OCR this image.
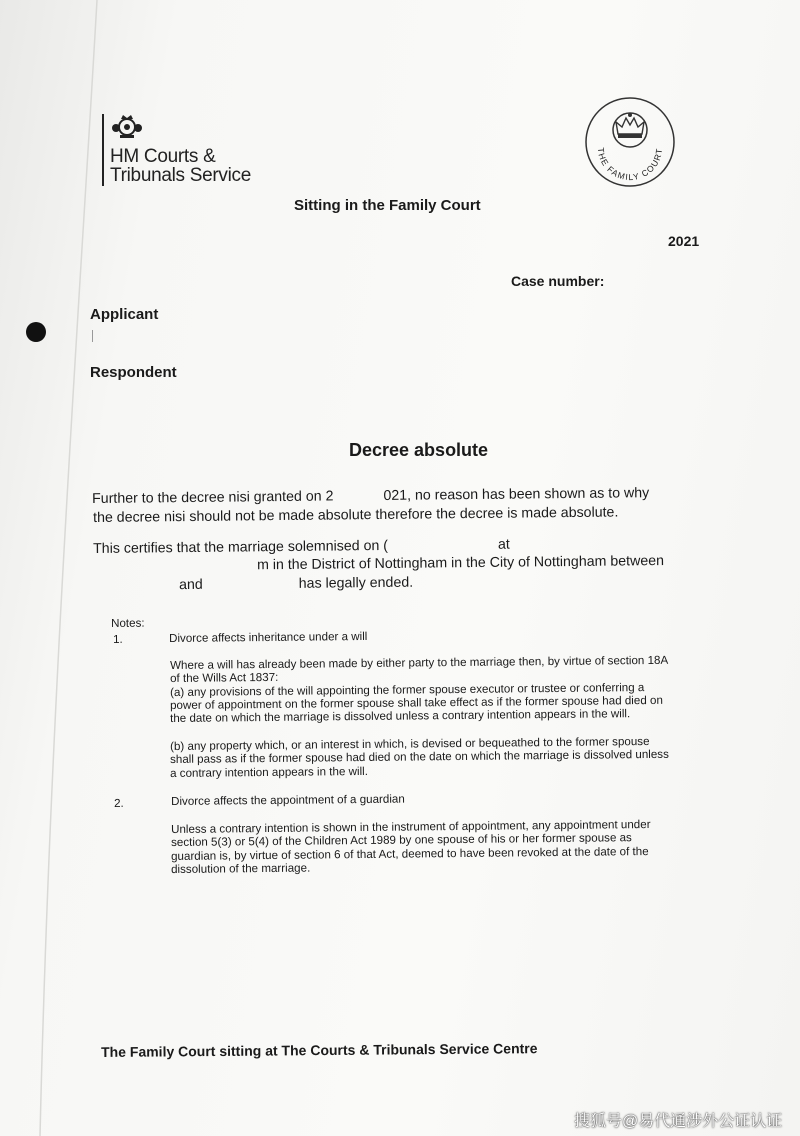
HM Courts &
Tribunals Service
THE FAMILY COURT
Sitting in the Family Court
2021
Case number:
Applicant
Respondent
Decree absolute
Further to the decree nisi granted on 2	021, no reason has been shown as to why
the decree nisi should not be made absolute therefore the decree is made absolute.
This certifies that the marriage solemnised on (	at
m in the District of Nottingham in the City of Nottingham between
and	has legally ended.
Notes:
1.	Divorce affects inheritance under a will
Where a will has already been made by either party to the marriage then, by virtue of section 18A
of the Wills Act 1837:
(a) any provisions of the will appointing the former spouse executor or trustee or conferring a
power of appointment on the former spouse shall take effect as if the former spouse had died on
the date on which the marriage is dissolved unless a contrary intention appears in the will.
(b) any property which, or an interest in which, is devised or bequeathed to the former spouse
shall pass as if the former spouse had died on the date on which the marriage is dissolved unless
a contrary intention appears in the will.
2.	Divorce affects the appointment of a guardian
Unless a contrary intention is shown in the instrument of appointment, any appointment under
section 5(3) or 5(4) of the Children Act 1989 by one spouse of his or her former spouse as
guardian is, by virtue of section 6 of that Act, deemed to have been revoked at the date of the
dissolution of the marriage.
The Family Court sitting at The Courts & Tribunals Service Centre
搜狐号@易代通涉外公证认证
